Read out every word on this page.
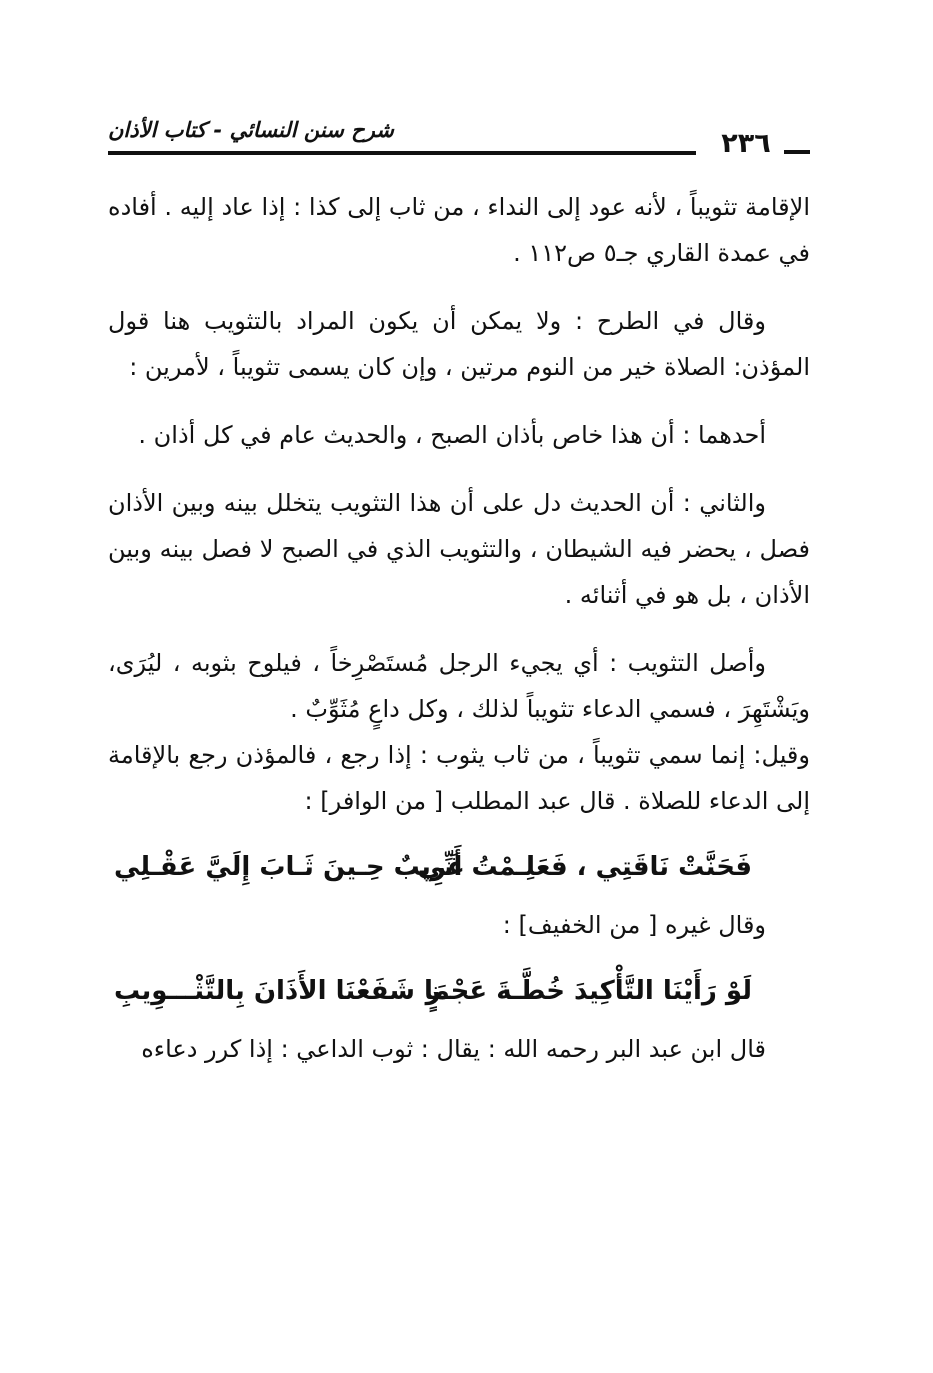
شرح سنن النسائي - كتاب الأذان	٢٣٦

الإقامة تثويباً ، لأنه عود إلى النداء ، من ثاب إلى كذا : إذا عاد إليه . أفاده في عمدة القاري جـ٥ ص١١٢ .

وقال في الطرح : ولا يمكن أن يكون المراد بالتثويب هنا قول المؤذن: الصلاة خير من النوم مرتين ، وإن كان يسمى تثويباً ، لأمرين :

أحدهما : أن هذا خاص بأذان الصبح ، والحديث عام في كل أذان .

والثاني : أن الحديث دل على أن هذا التثويب يتخلل بينه وبين الأذان فصل ، يحضر فيه الشيطان ، والتثويب الذي في الصبح لا فصل بينه وبين الأذان ، بل هو في أثنائه .

وأصل التثويب : أي يجيء الرجل مُستَصْرِخاً ، فيلوح بثوبه ، ليُرَى، ويَشْتَهِرَ ، فسمي الدعاء تثويباً لذلك ، وكل داعٍ مُثَوِّبٌ .

وقيل: إنما سمي تثويباً ، من ثاب يثوب : إذا رجع ، فالمؤذن رجع بالإقامة إلى الدعاء للصلاة . قال عبد المطلب [ من الوافر] :

فَحَنَّتْ نَاقَتِي ، فَعَلِـمْتُ أَنِّي
غَرِيبٌ حِـينَ ثَـابَ إِلَيَّ عَقْـلِي

وقال غيره [ من الخفيف] :

لَوْ رَأَيْنَا التَّأْكِيدَ خُطَّـةَ عَجْـزٍ
مَا شَفَعْنَا الأَذَانَ بِالتَّثْـــوِيبِ

قال ابن عبد البر رحمه الله : يقال : ثوب الداعي : إذا كرر دعاءه
